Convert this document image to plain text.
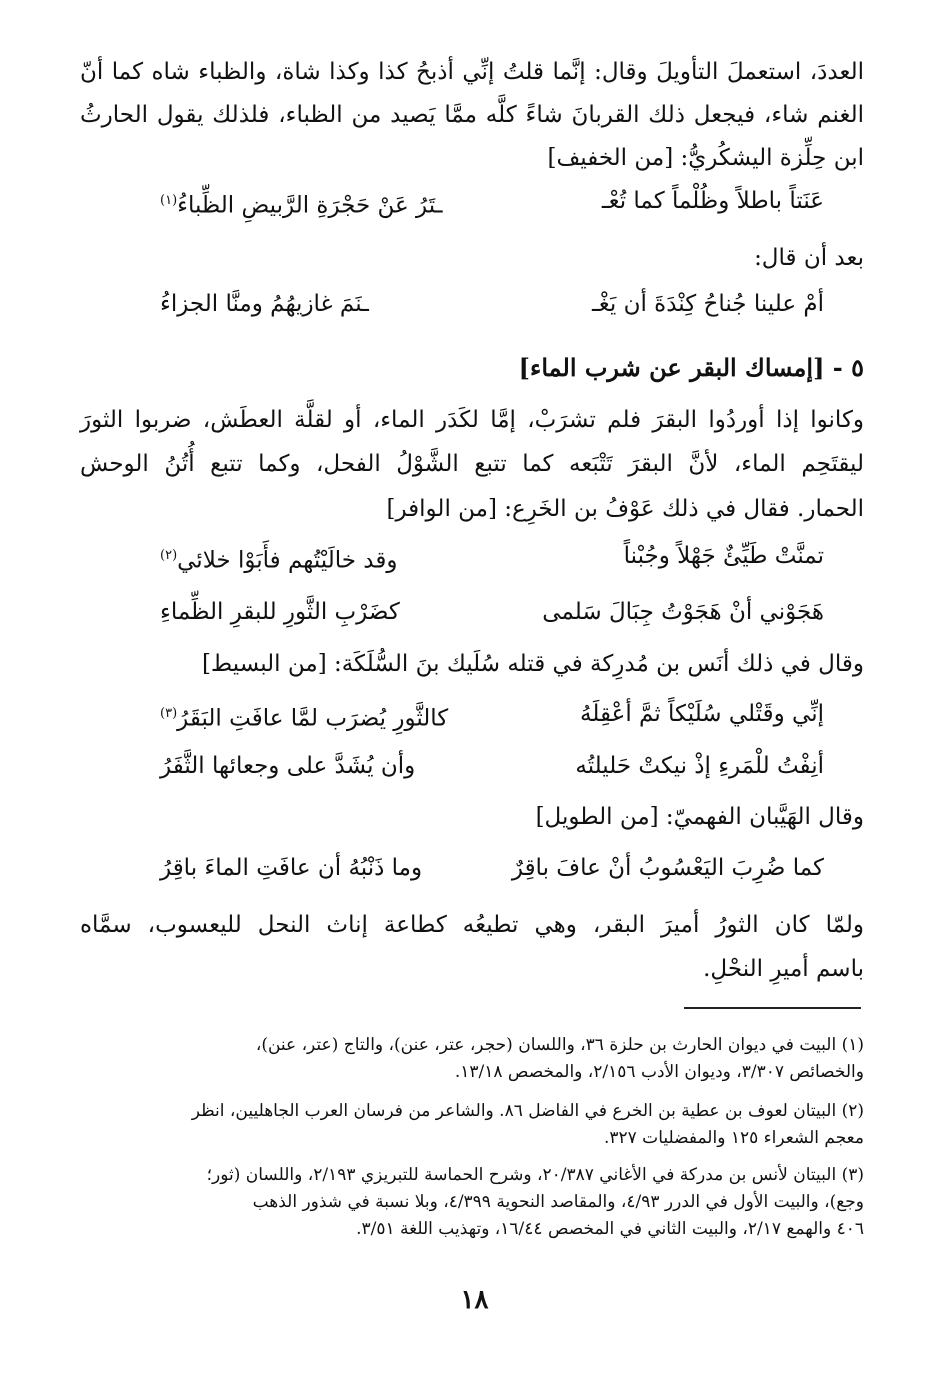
العددَ، استعملَ التأويلَ وقال: إنَّما قلتُ إنِّي أذبحُ كذا وكذا شاة، والظباء شاه كما أنّ
الغنم شاء، فيجعل ذلك القربانَ شاءً كلَّه ممَّا يَصيد من الظباء، فلذلك يقول الحارثُ
ابن حِلِّزة اليشكُريُّ: [من الخفيف]
عَنَتاً باطلاً وظُلْماً كما تُعْـ
ـتَرُ عَنْ حَجْرَةِ الرَّبيضِ الظِّباءُ$^{(١)}$
بعد أن قال:
أمْ علينا جُناحُ كِنْدَةَ أن يَغْـ
ـنَمَ غازيهُمُ ومنَّا الجزاءُ
٥ - [إمساك البقر عن شرب الماء]
وكانوا إذا أوردُوا البقرَ فلم تشرَبْ، إمَّا لكَدَر الماء، أو لقلَّة العطَش، ضربوا الثورَ
ليقتَحِم الماء، لأنَّ البقرَ تَتْبَعه كما تتبع الشَّوْلُ الفحل، وكما تتبع أُتُنُ الوحش
الحمار. فقال في ذلك عَوْفُ بن الخَرِع: [من الوافر]
تمنَّتْ طَيِّئٌ جَهْلاً وجُبْناً
وقد خالَيْتُهم فأَبَوْا خلائي$^{(٢)}$
هَجَوْني أنْ هَجَوْتُ جِبَالَ سَلمى
كضَرْبِ الثَّورِ للبقرِ الظِّماءِ
وقال في ذلك أنَس بن مُدرِكة في قتله سُلَيك بنَ السُّلَكَة: [من البسيط]
إنِّي وقَتْلي سُلَيْكاً ثمَّ أعْقِلَهُ
كالثَّورِ يُضرَب لمَّا عافَتِ البَقَرُ$^{(٣)}$
أنِفْتُ للْمَرءِ إذْ نيكتْ حَليلتُه
وأن يُشَدَّ على وجعائها الثَّفَرُ
وقال الهَيَّبان الفهميّ: [من الطويل]
كما ضُرِبَ اليَعْسُوبُ أنْ عافَ باقِرٌ
وما ذَنْبُهُ أن عافَتِ الماءَ باقِرُ
ولمّا كان الثورُ أميرَ البقر، وهي تطيعُه كطاعة إناث النحل لليعسوب، سمَّاه
باسم أميرِ النحْلِ.
(١) البيت في ديوان الحارث بن حلزة ٣٦، واللسان (حجر، عتر، عنن)، والتاج (عتر، عنن)،
والخصائص ٣/٣٠٧، وديوان الأدب ٢/١٥٦، والمخصص ١٣/١٨.
(٢) البيتان لعوف بن عطية بن الخرع في الفاضل ٨٦. والشاعر من فرسان العرب الجاهليين، انظر
معجم الشعراء ١٢٥ والمفضليات ٣٢٧.
(٣) البيتان لأنس بن مدركة في الأغاني ٢٠/٣٨٧، وشرح الحماسة للتبريزي ٢/١٩٣، واللسان (ثور؛
وجع)، والبيت الأول في الدرر ٤/٩٣، والمقاصد النحوية ٤/٣٩٩، وبلا نسبة في شذور الذهب
٤٠٦ والهمع ٢/١٧، والبيت الثاني في المخصص ١٦/٤٤، وتهذيب اللغة ٣/٥١.
١٨
